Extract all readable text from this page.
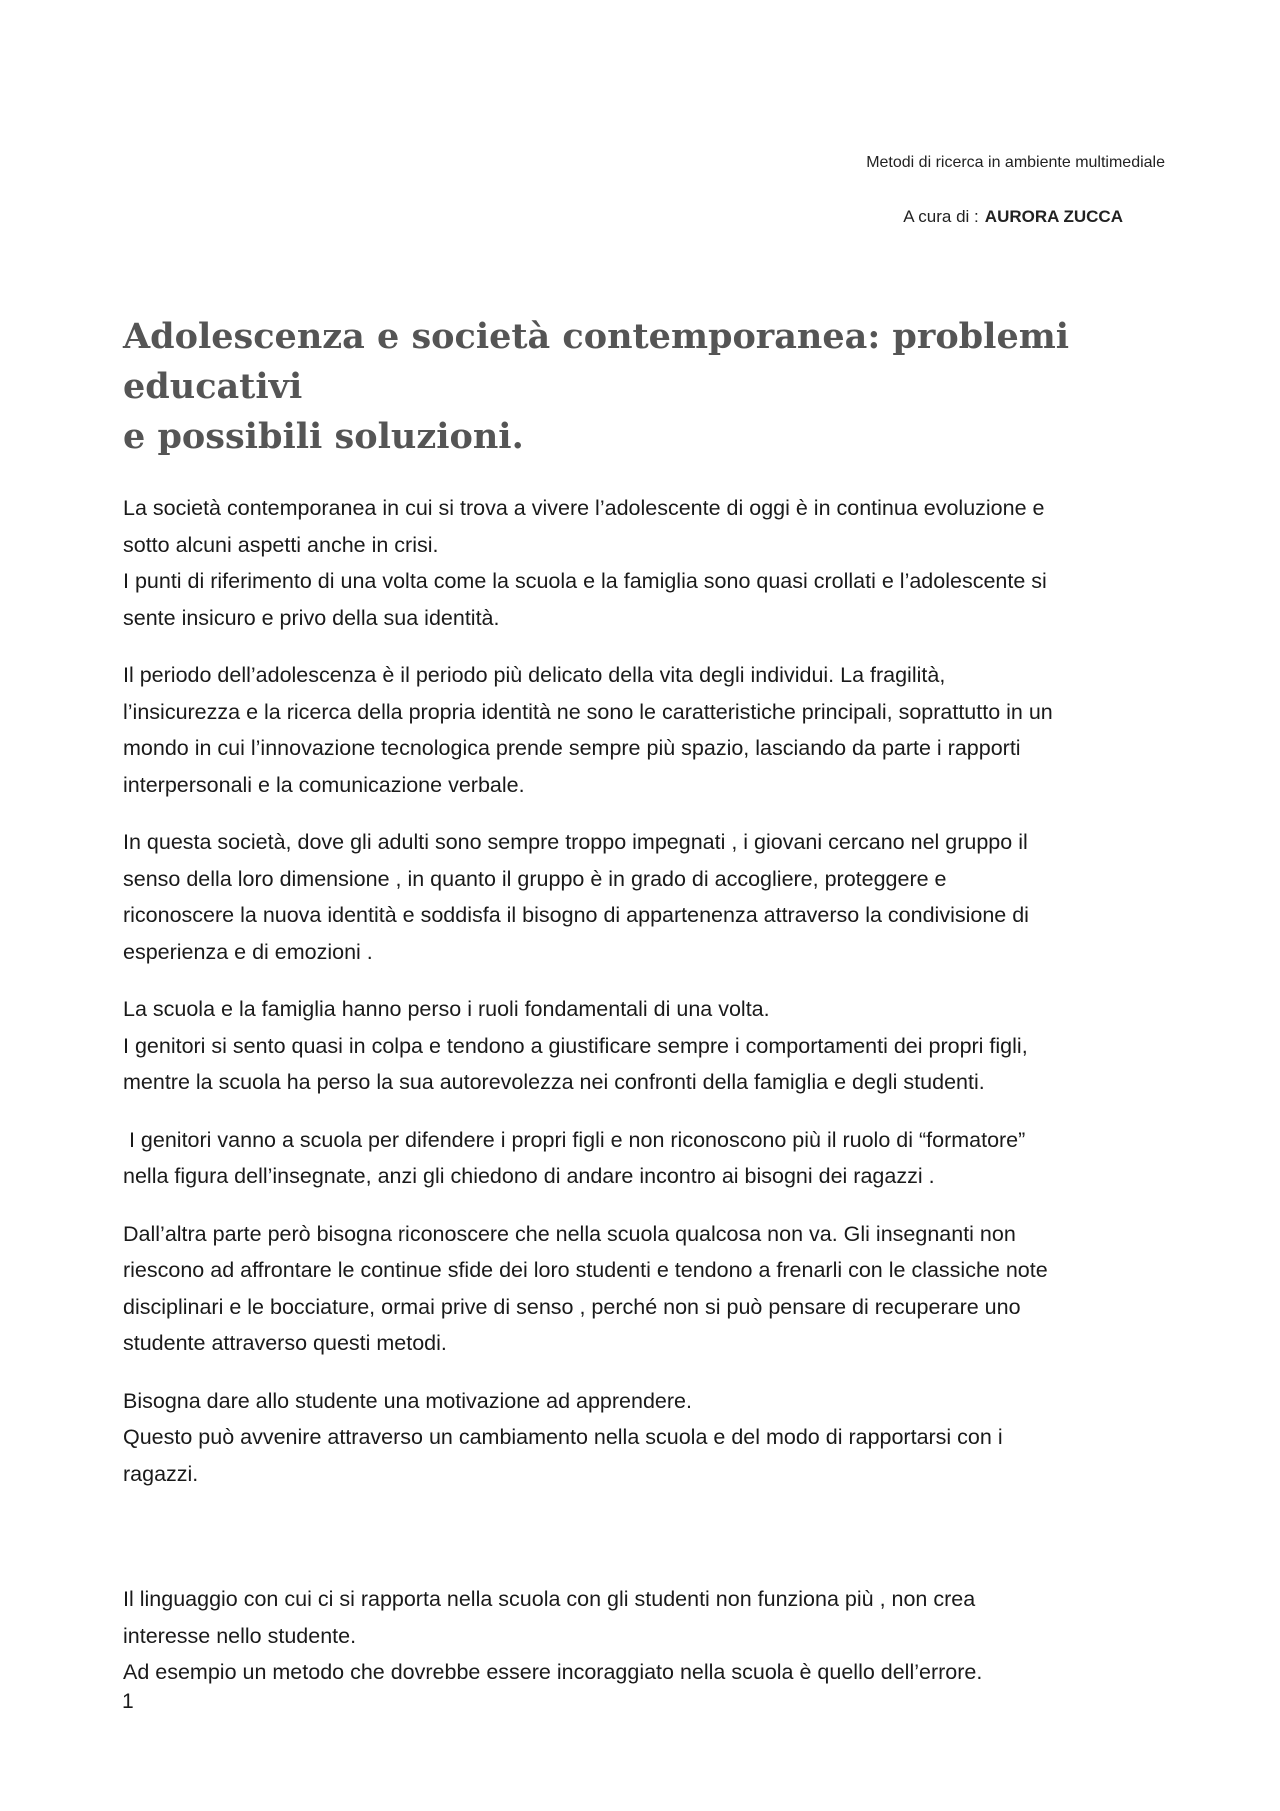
Metodi di ricerca in ambiente multimediale
A cura di : AURORA ZUCCA
Adolescenza e società contemporanea: problemi educativi
e possibili soluzioni.

La società contemporanea in cui si trova a vivere l’adolescente di oggi è in continua evoluzione e
sotto alcuni aspetti anche in crisi.
I punti di riferimento di una volta come la scuola e la famiglia sono quasi crollati e l’adolescente si
sente insicuro e privo della sua identità.

Il periodo dell’adolescenza è il periodo più delicato della vita degli individui. La fragilità,
l’insicurezza e la ricerca della propria identità ne sono le caratteristiche principali, soprattutto in un
mondo in cui l’innovazione tecnologica prende sempre più spazio, lasciando da parte i rapporti
interpersonali e la comunicazione verbale.

In questa società, dove gli adulti sono sempre troppo impegnati , i giovani cercano nel gruppo il
senso della loro dimensione , in quanto il gruppo è in grado di accogliere, proteggere e
riconoscere la nuova identità e soddisfa il bisogno di appartenenza attraverso la condivisione di
esperienza e di emozioni .

La scuola e la famiglia hanno perso i ruoli fondamentali di una volta.
I genitori si sento quasi in colpa e tendono a giustificare sempre i comportamenti dei propri figli,
mentre la scuola ha perso la sua autorevolezza nei confronti della famiglia e degli studenti.

I genitori vanno a scuola per difendere i propri figli e non riconoscono più il ruolo di “formatore”
nella figura dell’insegnate, anzi gli chiedono di andare incontro ai bisogni dei ragazzi .

Dall’altra parte però bisogna riconoscere che nella scuola qualcosa non va. Gli insegnanti non
riescono ad affrontare le continue sfide dei loro studenti e tendono a frenarli con le classiche note
disciplinari e le bocciature, ormai prive di senso , perché non si può pensare di recuperare uno
studente attraverso questi metodi.

Bisogna dare allo studente una motivazione ad apprendere.
Questo può avvenire attraverso un cambiamento nella scuola e del modo di rapportarsi con i
ragazzi.

Il linguaggio con cui ci si rapporta nella scuola con gli studenti non funziona più , non crea
interesse nello studente.
Ad esempio un metodo che dovrebbe essere incoraggiato nella scuola è quello dell’errore.

1
